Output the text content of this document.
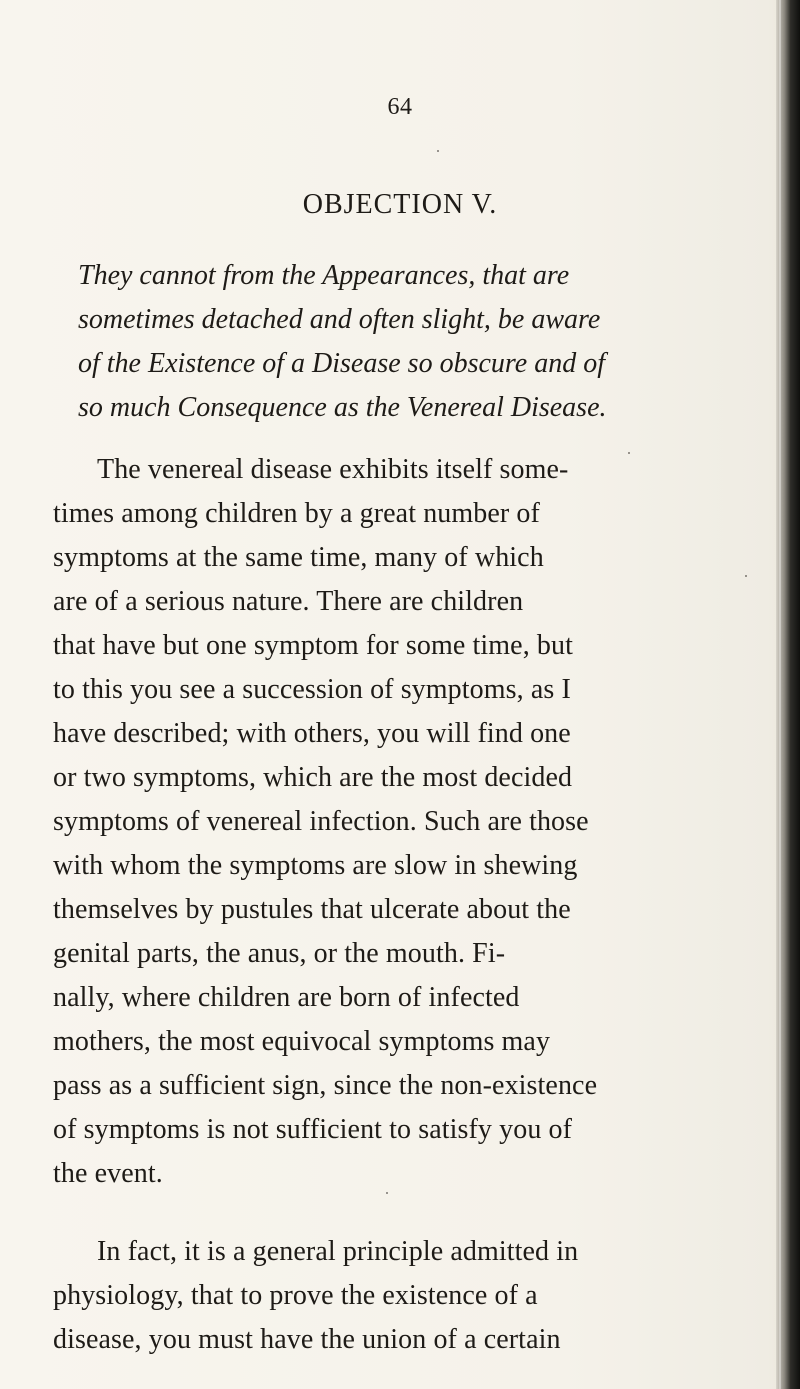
64
OBJECTION V.
They cannot from the Appearances, that are
sometimes detached and often slight, be aware
of the Existence of a Disease so obscure and of
so much Consequence as the Venereal Disease.
The venereal disease exhibits itself some-
times among children by a great number of
symptoms at the same time, many of which
are of a serious nature. There are children
that have but one symptom for some time, but
to this you see a succession of symptoms, as I
have described; with others, you will find one
or two symptoms, which are the most decided
symptoms of venereal infection. Such are those
with whom the symptoms are slow in shewing
themselves by pustules that ulcerate about the
genital parts, the anus, or the mouth. Fi-
nally, where children are born of infected
mothers, the most equivocal symptoms may
pass as a sufficient sign, since the non-existence
of symptoms is not sufficient to satisfy you of
the event.
In fact, it is a general principle admitted in
physiology, that to prove the existence of a
disease, you must have the union of a certain
